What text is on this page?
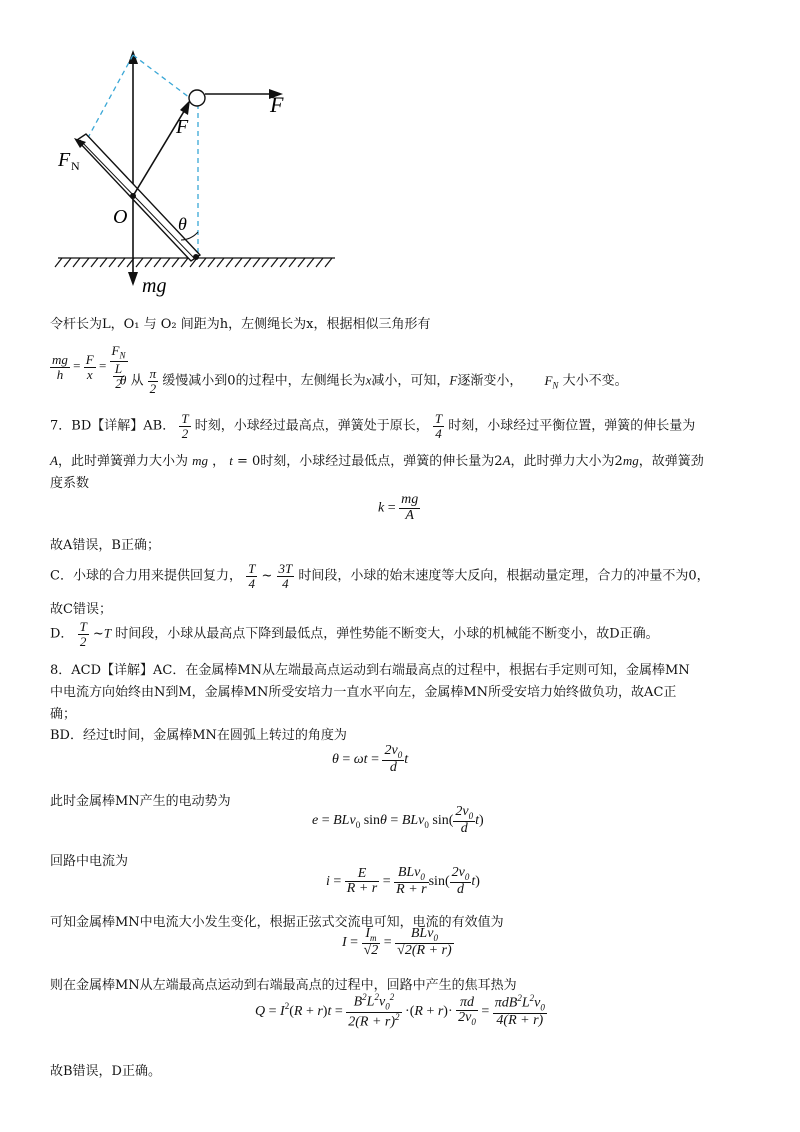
F
F
F N
O	θ
mg
令杆长为L，O₁ 与 O₂ 间距为h，左侧绳长为x，根据相似三角形有
$\frac{mg}{h} = \frac{F}{x} = \frac{F_N}{\frac{L}{2}}$
θ 从 $\frac{\pi}{2}$ 缓慢减小到0的过程中，左侧绳长为x减小，可知，F逐渐变小， $F_N$ 大小不变。
7．BD【详解】AB． $\frac{T}{2}$ 时刻，小球经过最高点，弹簧处于原长， $\frac{T}{4}$ 时刻，小球经过平衡位置，弹簧的伸长量为
A，此时弹簧弹力大小为 mg ， t = 0时刻，小球经过最低点，弹簧的伸长量为2A，此时弹力大小为2mg，故弹簧劲
度系数
$k = \frac{mg}{A}$
故A错误，B正确；
C．小球的合力用来提供回复力， $\frac{T}{4}$ ~ $\frac{3T}{4}$ 时间段，小球的始末速度等大反向，根据动量定理，合力的冲量不为0，
故C错误；
D． $\frac{T}{2}$ ~T 时间段，小球从最高点下降到最低点，弹性势能不断变大，小球的机械能不断变小，故D正确。
8．ACD【详解】AC．在金属棒MN从左端最高点运动到右端最高点的过程中，根据右手定则可知，金属棒MN
中电流方向始终由N到M，金属棒MN所受安培力一直水平向左，金属棒MN所受安培力始终做负功，故AC正
确；
BD．经过t时间，金属棒MN在圆弧上转过的角度为
$\theta = \omega t = \frac{2v_0}{d}$ t
此时金属棒MN产生的电动势为
e = BLv$_0$ sinθ = BLv$_0$ $\sin( \frac{2v_0}{d} t)$
回路中电流为
$i = \frac{E}{R + r} = \frac{BLv_0}{R + r} \sin( \frac{2v_0}{d} t)$
可知金属棒MN中电流大小发生变化，根据正弦式交流电可知，电流的有效值为
$I = \frac{I_m}{√2} = \frac{BLv_0}{√2(R + r)}$
则在金属棒MN从左端最高点运动到右端最高点的过程中，回路中产生的焦耳热为
$Q = I^2(R + r)t = \frac{B^2L^2v_0^2}{2(R + r)^2} \cdot(R + r)\cdot \frac{\pi d}{2v_0} = \frac{\pi dB^2L^2v_0}{4(R + r)}$
故B错误，D正确。
